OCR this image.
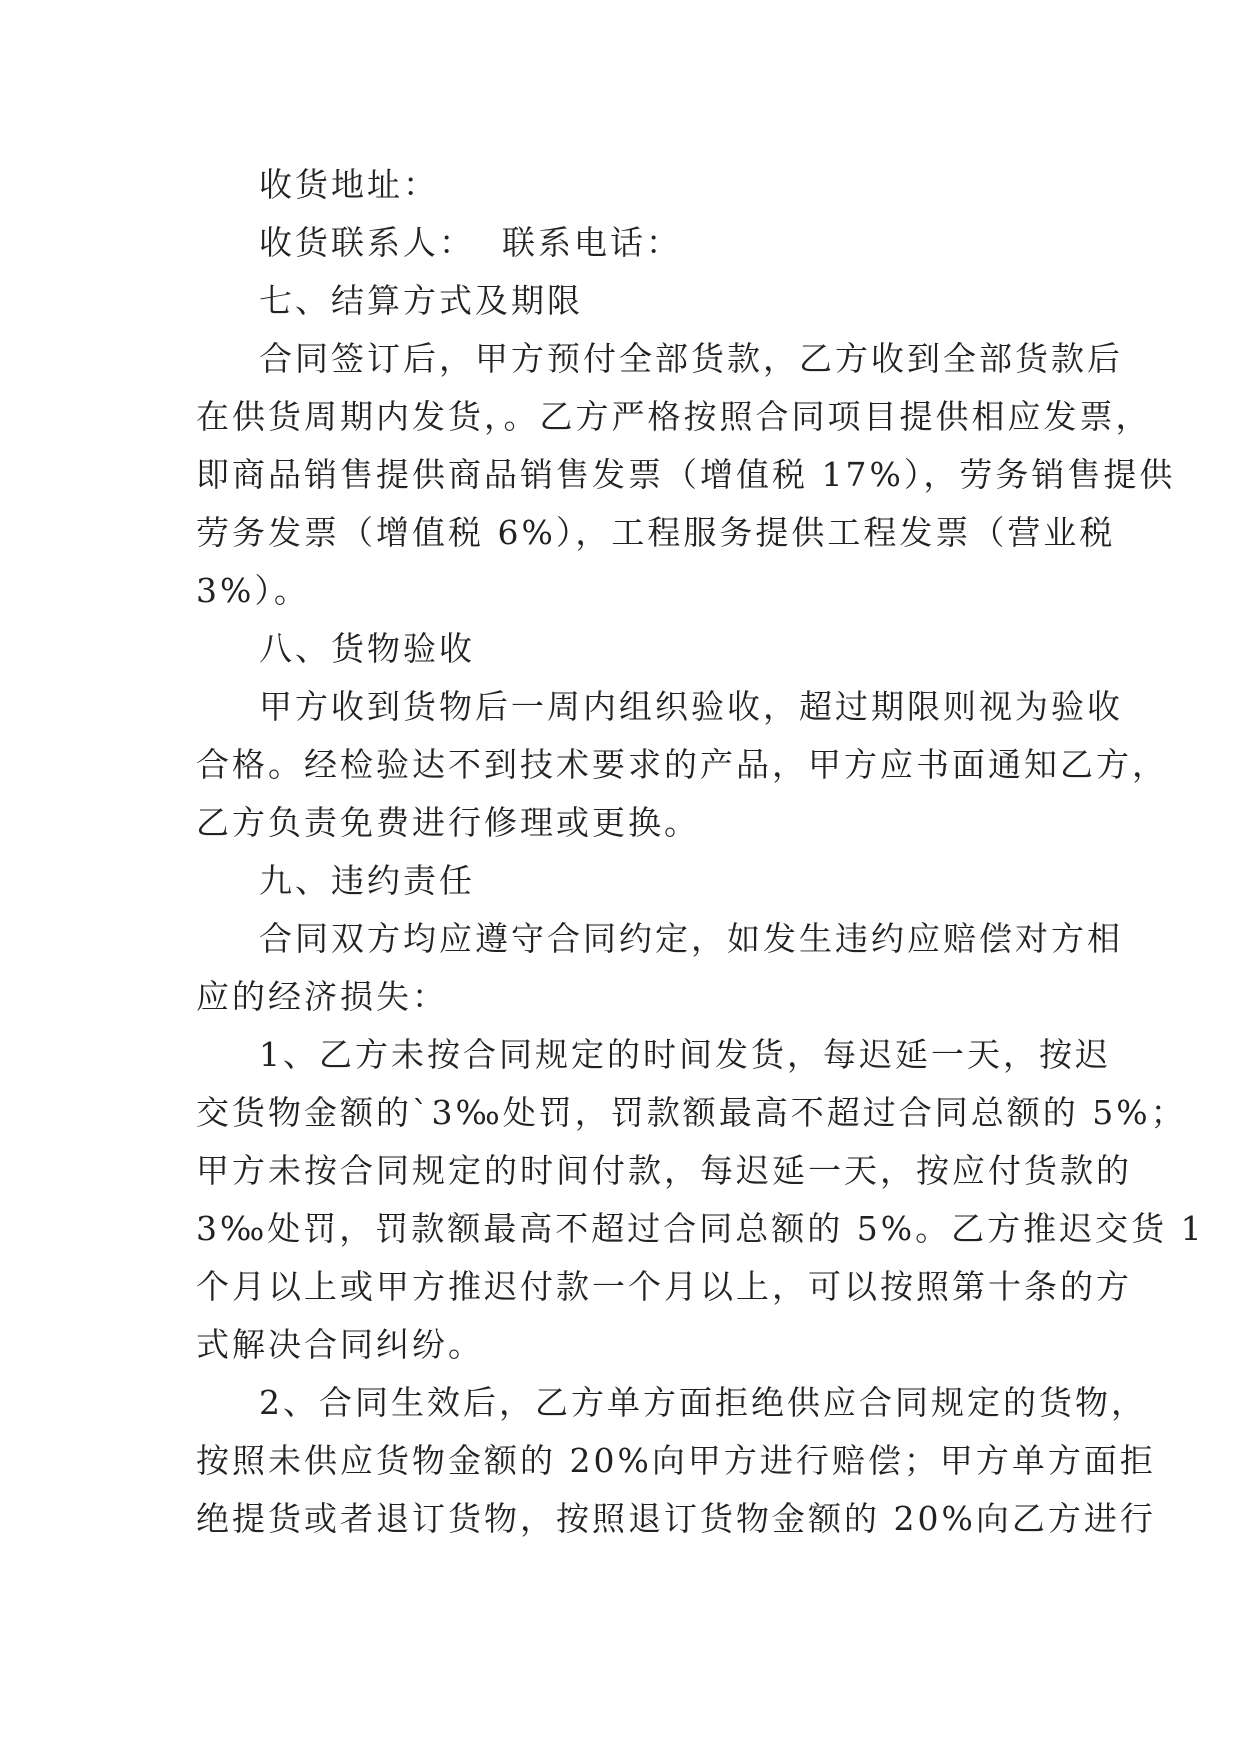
收货地址：
收货联系人：  联系电话：
七、结算方式及期限
合同签订后，甲方预付全部货款，乙方收到全部货款后
在供货周期内发货，。乙方严格按照合同项目提供相应发票，
即商品销售提供商品销售发票（增值税 17%），劳务销售提供
劳务发票（增值税 6%），工程服务提供工程发票（营业税
3%）。
八、货物验收
甲方收到货物后一周内组织验收，超过期限则视为验收
合格。经检验达不到技术要求的产品，甲方应书面通知乙方，
乙方负责免费进行修理或更换。
九、违约责任
合同双方均应遵守合同约定，如发生违约应赔偿对方相
应的经济损失：
1、乙方未按合同规定的时间发货，每迟延一天，按迟
交货物金额的`3‰处罚，罚款额最高不超过合同总额的 5%；
甲方未按合同规定的时间付款，每迟延一天，按应付货款的
3‰处罚，罚款额最高不超过合同总额的 5%。乙方推迟交货 1
个月以上或甲方推迟付款一个月以上，可以按照第十条的方
式解决合同纠纷。
2、合同生效后，乙方单方面拒绝供应合同规定的货物，
按照未供应货物金额的 20%向甲方进行赔偿；甲方单方面拒
绝提货或者退订货物，按照退订货物金额的 20%向乙方进行
